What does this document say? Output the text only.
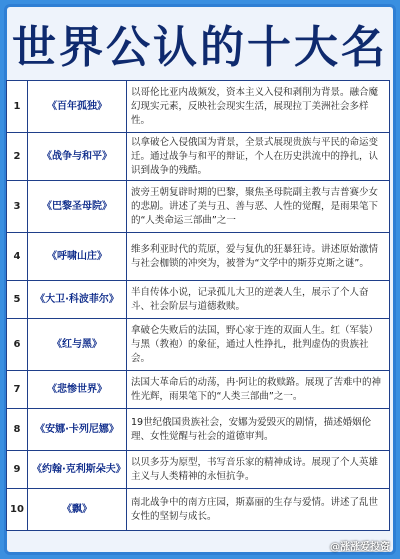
世界公认的十大名
1	《百年孤独》	以哥伦比亚内战频发，资本主义入侵和剥削为背景。融合魔幻现实元素，反映社会现实生活，展现拉丁美洲社会多样性。
2	《战争与和平》	以拿破仑入侵俄国为背景，全景式展现贵族与平民的命运变迁。通过战争与和平的辩证，个人在历史洪流中的挣扎，认识到战争的残酷。
3	《巴黎圣母院》	波旁王朝复辟时期的巴黎，聚焦圣母院副主教与吉普赛少女的悲剧。讲述了美与丑、善与恶、人性的觉醒，是雨果笔下的“人类命运三部曲”之一
4	《呼啸山庄》	维多利亚时代的荒原，爱与复仇的狂暴狂诗。讲述原始激情与社会枷锁的冲突为，被誉为“文学中的斯芬克斯之谜”。
5	《大卫·科波菲尔》	半自传体小说，记录孤儿大卫的逆袭人生，展示了个人奋斗、社会阶层与道德救赎。
6	《红与黑》	拿破仑失败后的法国，野心家于连的双面人生。红（军装）与黑（教袍）的象征，通过人性挣扎，批判虚伪的贵族社会。
7	《悲惨世界》	法国大革命后的动荡，冉·阿让的救赎路。展现了苦难中的神性光辉，雨果笔下的“人类三部曲”之一。
8	《安娜·卡列尼娜》	19世纪俄国贵族社会，安娜为爱毁灭的剧情，描述婚姻伦理、女性觉醒与社会的道德审判。
9	《约翰·克利斯朵夫》	以贝多芬为原型，书写音乐家的精神成诗。展现了个人英雄主义与人类精神的永恒抗争。
10	《飘》	南北战争中的南方庄园，斯嘉丽的生存与爱情。讲述了乱世女性的坚韧与成长。
@涨涨爱投资
